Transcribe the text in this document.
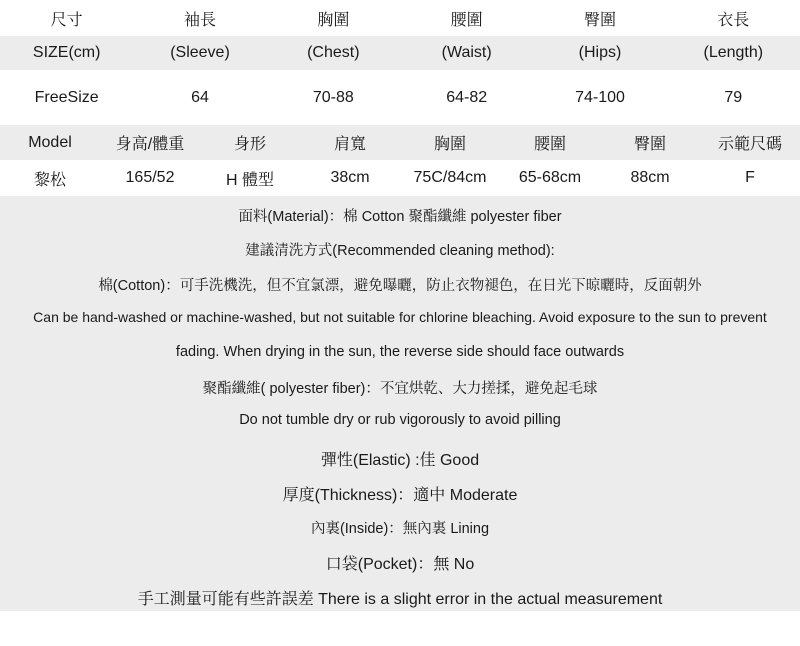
尺寸	袖長	胸圍	腰圍	臀圍	衣長
SIZE(cm)	(Sleeve)	(Chest)	(Waist)	(Hips)	(Length)
FreeSize	64	70-88	64-82	74-100	79
Model	身高/體重	身形	肩寬	胸圍	腰圍	臀圍	示範尺碼
黎松	165/52	H 體型	38cm	75C/84cm	65-68cm	88cm	F
面料(Material)：棉 Cotton 聚酯纖維 polyester fiber
建議清洗方式(Recommended cleaning method):
棉(Cotton)：可手洗機洗，但不宜氯漂，避免曝曬，防止衣物褪色，在日光下晾曬時，反面朝外
Can be hand-washed or machine-washed, but not suitable for chlorine bleaching. Avoid exposure to the sun to prevent
fading. When drying in the sun, the reverse side should face outwards
聚酯纖維( polyester fiber)：不宜烘乾、大力搓揉，避免起毛球
Do not tumble dry or rub vigorously to avoid pilling
彈性(Elastic) :佳 Good
厚度(Thickness)：適中 Moderate
內裏(Inside)：無內裏 Lining
口袋(Pocket)：無 No
手工測量可能有些許誤差 There is a slight error in the actual measurement
